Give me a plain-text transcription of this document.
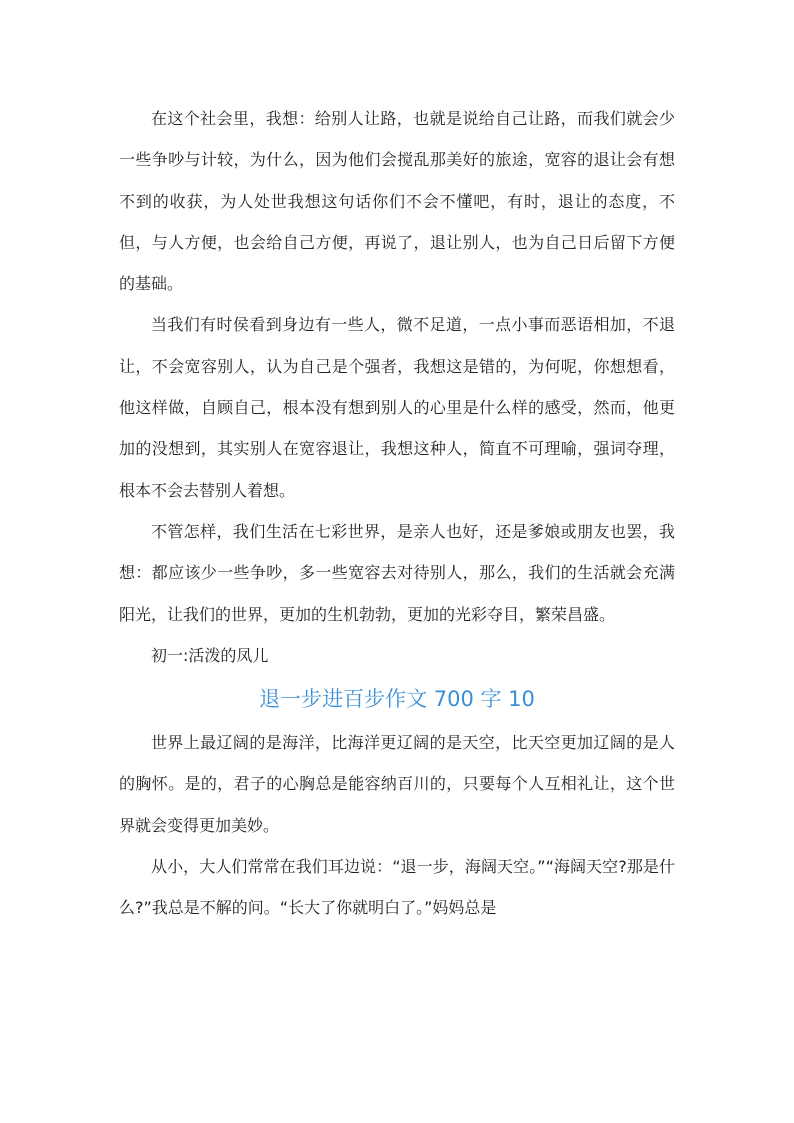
在这个社会里，我想：给别人让路，也就是说给自己让路，而我们就会少一些争吵与计较，为什么，因为他们会搅乱那美好的旅途，宽容的退让会有想不到的收获，为人处世我想这句话你们不会不懂吧，有时，退让的态度，不但，与人方便，也会给自己方便，再说了，退让别人，也为自己日后留下方便的基础。

当我们有时侯看到身边有一些人，微不足道，一点小事而恶语相加，不退让，不会宽容别人，认为自己是个强者，我想这是错的，为何呢，你想想看，他这样做，自顾自己，根本没有想到别人的心里是什么样的感受，然而，他更加的没想到，其实别人在宽容退让，我想这种人，简直不可理喻，强词夺理，根本不会去替别人着想。

不管怎样，我们生活在七彩世界，是亲人也好，还是爹娘或朋友也罢，我想：都应该少一些争吵，多一些宽容去对待别人，那么，我们的生活就会充满阳光，让我们的世界，更加的生机勃勃，更加的光彩夺目，繁荣昌盛。

初一:活泼的凤儿

退一步进百步作文 700 字 10

世界上最辽阔的是海洋，比海洋更辽阔的是天空，比天空更加辽阔的是人的胸怀。是的，君子的心胸总是能容纳百川的，只要每个人互相礼让，这个世界就会变得更加美妙。

从小，大人们常常在我们耳边说：“退一步，海阔天空。”“海阔天空?那是什么?”我总是不解的问。“长大了你就明白了。”妈妈总是
